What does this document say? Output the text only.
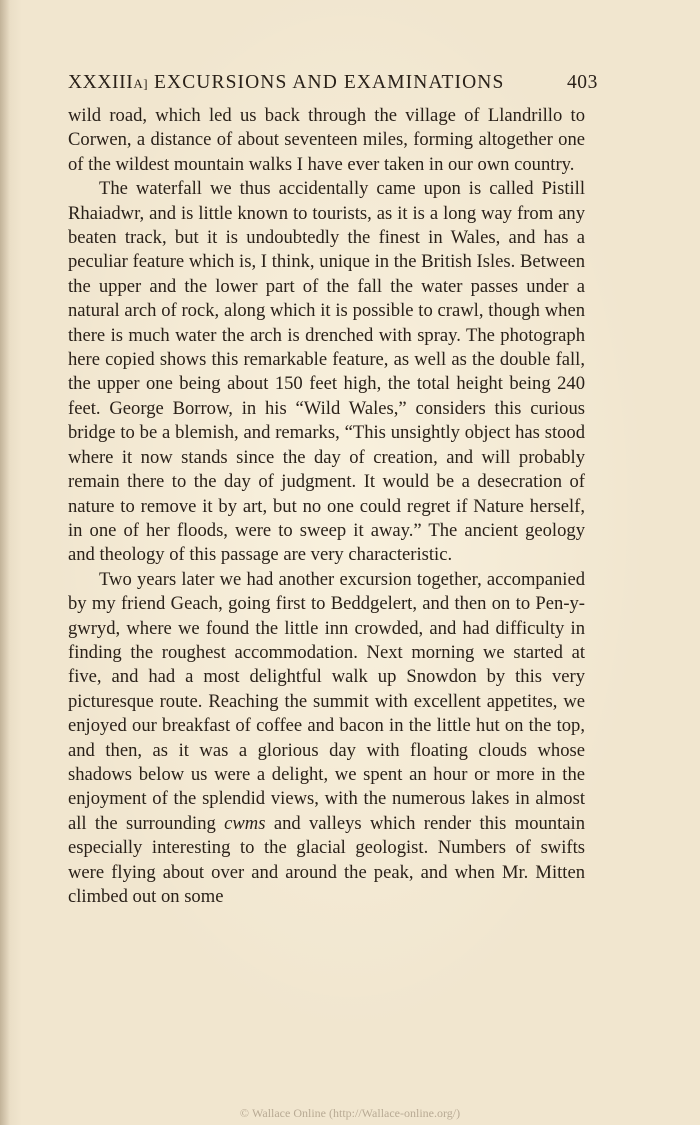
XXXIIIA] EXCURSIONS AND EXAMINATIONS	403

wild road, which led us back through the village of Llandrillo to Corwen, a distance of about seventeen miles, forming altogether one of the wildest mountain walks I have ever taken in our own country.

The waterfall we thus accidentally came upon is called Pistill Rhaiadwr, and is little known to tourists, as it is a long way from any beaten track, but it is undoubtedly the finest in Wales, and has a peculiar feature which is, I think, unique in the British Isles. Between the upper and the lower part of the fall the water passes under a natural arch of rock, along which it is possible to crawl, though when there is much water the arch is drenched with spray. The photograph here copied shows this remarkable feature, as well as the double fall, the upper one being about 150 feet high, the total height being 240 feet. George Borrow, in his “Wild Wales,” considers this curious bridge to be a blemish, and remarks, “This unsightly object has stood where it now stands since the day of creation, and will probably remain there to the day of judgment. It would be a desecration of nature to remove it by art, but no one could regret if Nature herself, in one of her floods, were to sweep it away.” The ancient geology and theology of this passage are very characteristic.

Two years later we had another excursion together, accompanied by my friend Geach, going first to Beddgelert, and then on to Pen-y-gwryd, where we found the little inn crowded, and had difficulty in finding the roughest accommodation. Next morning we started at five, and had a most delightful walk up Snowdon by this very picturesque route. Reaching the summit with excellent appetites, we enjoyed our breakfast of coffee and bacon in the little hut on the top, and then, as it was a glorious day with floating clouds whose shadows below us were a delight, we spent an hour or more in the enjoyment of the splendid views, with the numerous lakes in almost all the surrounding cwms and valleys which render this mountain especially interesting to the glacial geologist. Numbers of swifts were flying about over and around the peak, and when Mr. Mitten climbed out on some

© Wallace Online (http://Wallace-online.org/)
